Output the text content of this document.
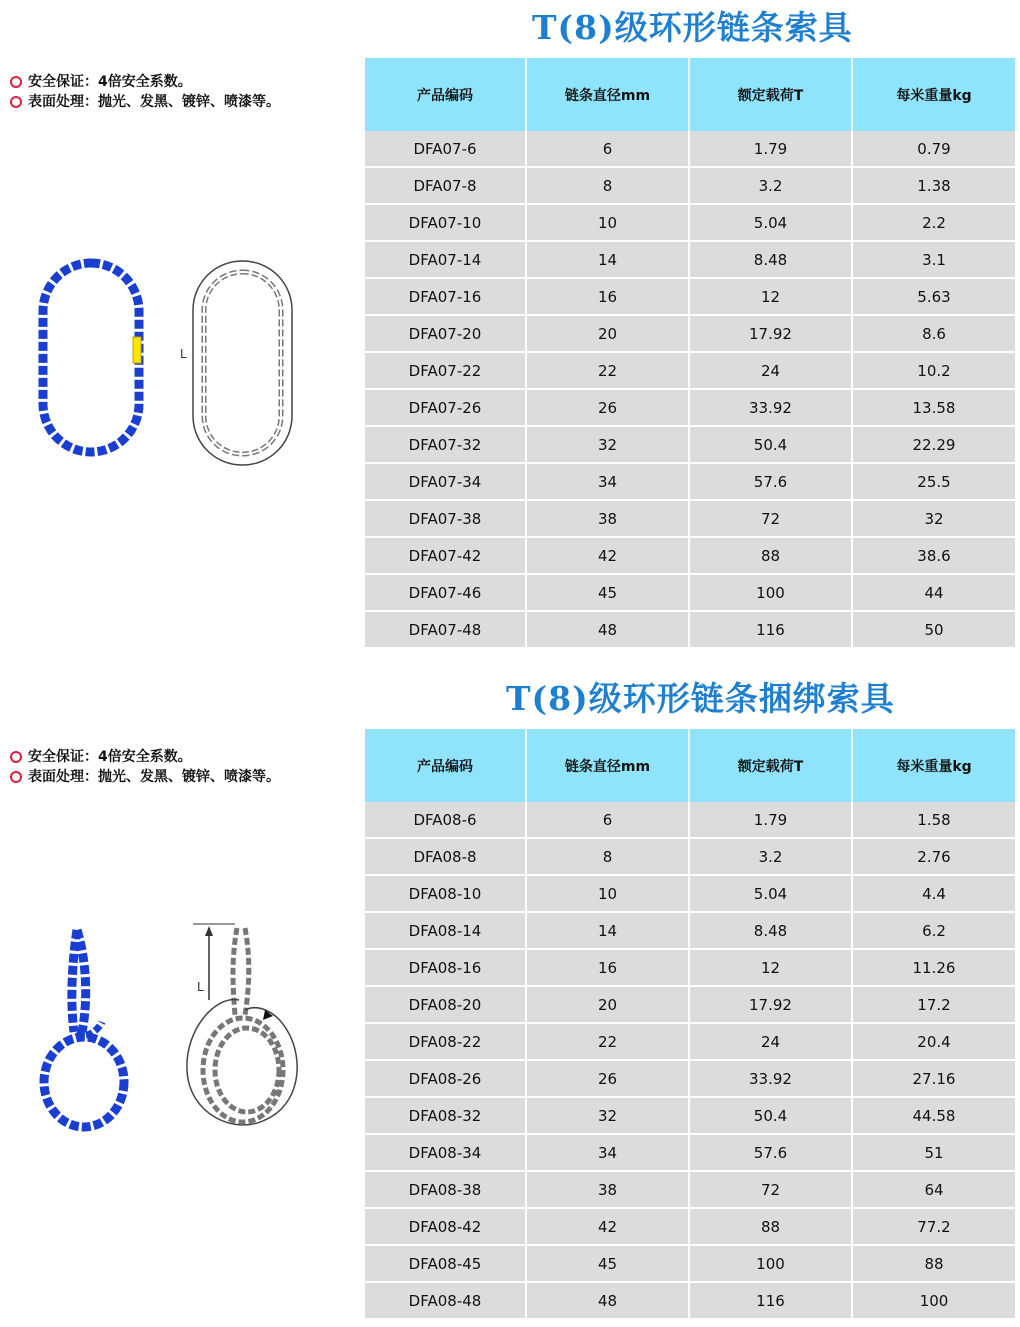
T(8)级环形链条索具
安全保证：4倍安全系数。
表面处理：抛光、发黑、镀锌、喷漆等。
L
产品编码	链条直径mm	额定载荷T	每米重量kg
DFA07-6	6	1.79	0.79
DFA07-8	8	3.2	1.38
DFA07-10	10	5.04	2.2
DFA07-14	14	8.48	3.1
DFA07-16	16	12	5.63
DFA07-20	20	17.92	8.6
DFA07-22	22	24	10.2
DFA07-26	26	33.92	13.58
DFA07-32	32	50.4	22.29
DFA07-34	34	57.6	25.5
DFA07-38	38	72	32
DFA07-42	42	88	38.6
DFA07-46	45	100	44
DFA07-48	48	116	50
T(8)级环形链条捆绑索具
安全保证：4倍安全系数。
表面处理：抛光、发黑、镀锌、喷漆等。
L
产品编码	链条直径mm	额定载荷T	每米重量kg
DFA08-6	6	1.79	1.58
DFA08-8	8	3.2	2.76
DFA08-10	10	5.04	4.4
DFA08-14	14	8.48	6.2
DFA08-16	16	12	11.26
DFA08-20	20	17.92	17.2
DFA08-22	22	24	20.4
DFA08-26	26	33.92	27.16
DFA08-32	32	50.4	44.58
DFA08-34	34	57.6	51
DFA08-38	38	72	64
DFA08-42	42	88	77.2
DFA08-45	45	100	88
DFA08-48	48	116	100
